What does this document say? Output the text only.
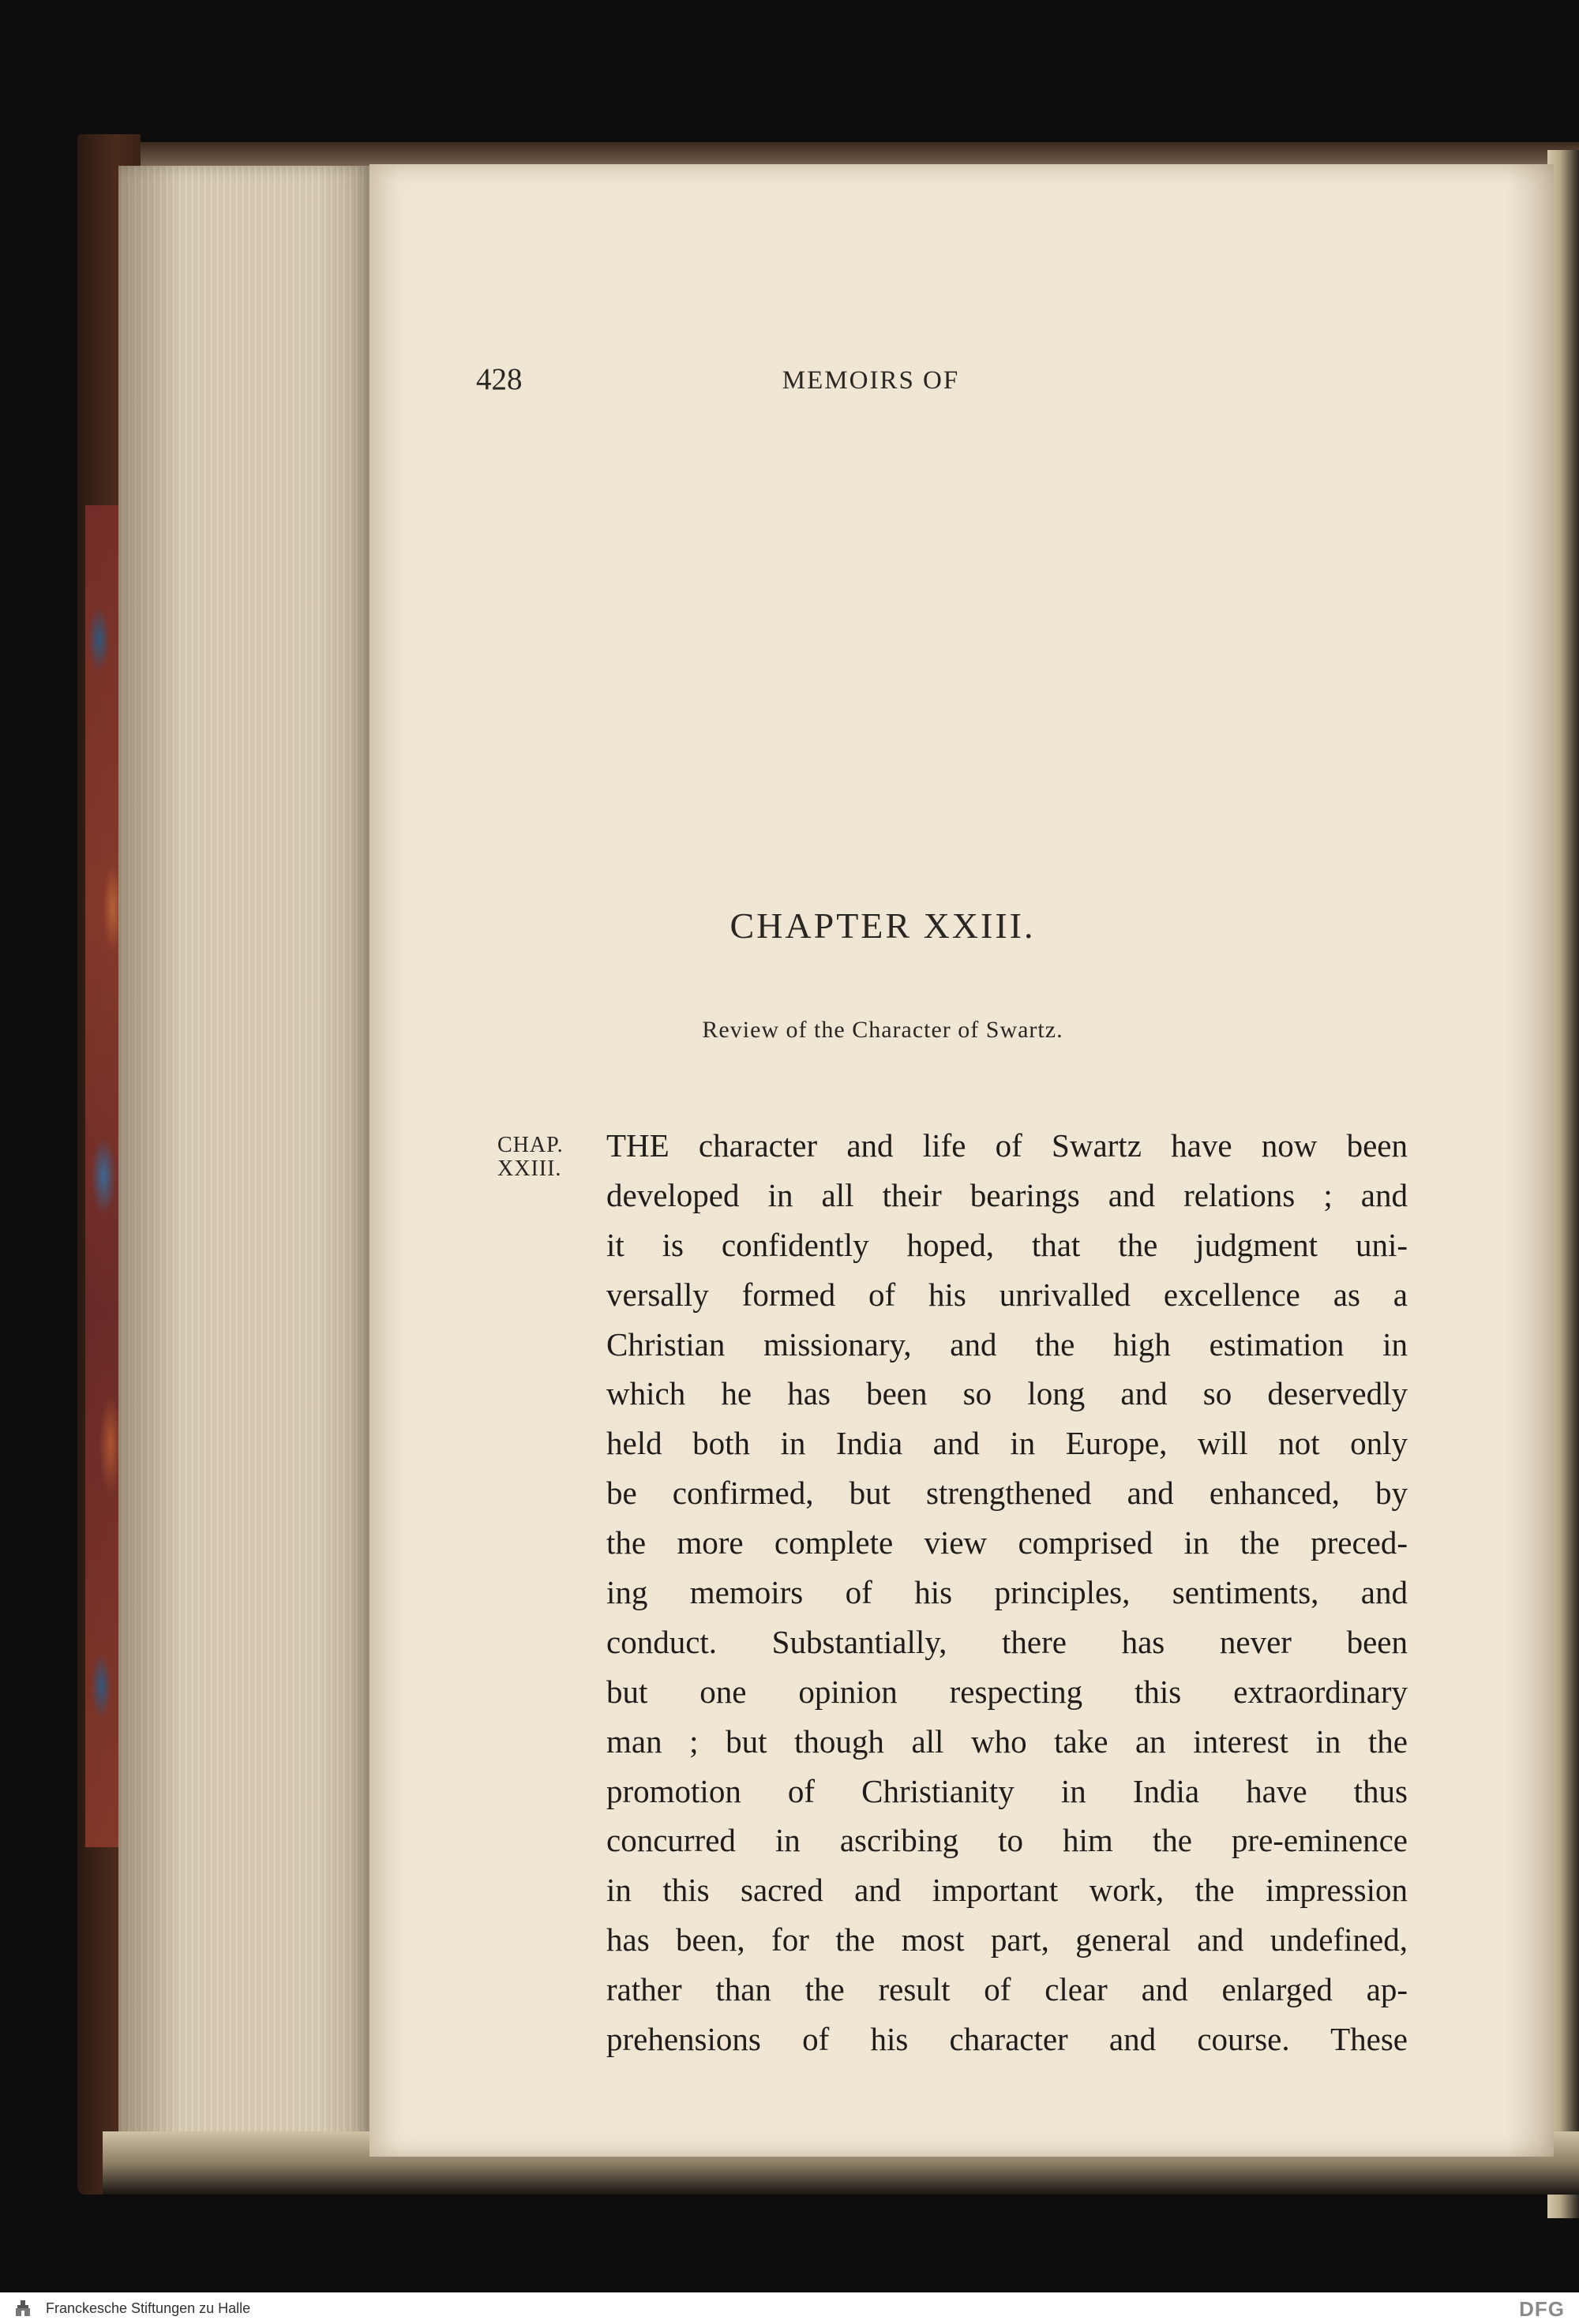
428	MEMOIRS OF
CHAPTER XXIII.
Review of the Character of Swartz.
CHAP.
XXIII.
THE character and life of Swartz have now been
developed in all their bearings and relations ; and
it is confidently hoped, that the judgment uni-
versally formed of his unrivalled excellence as a
Christian missionary, and the high estimation in
which he has been so long and so deservedly
held both in India and in Europe, will not only
be confirmed, but strengthened and enhanced, by
the more complete view comprised in the preced-
ing memoirs of his principles, sentiments, and
conduct. Substantially, there has never been
but one opinion respecting this extraordinary
man ; but though all who take an interest in the
promotion of Christianity in India have thus
concurred in ascribing to him the pre-eminence
in this sacred and important work, the impression
has been, for the most part, general and undefined,
rather than the result of clear and enlarged ap-
prehensions of his character and course. These
Franckesche Stiftungen zu Halle	DFG
